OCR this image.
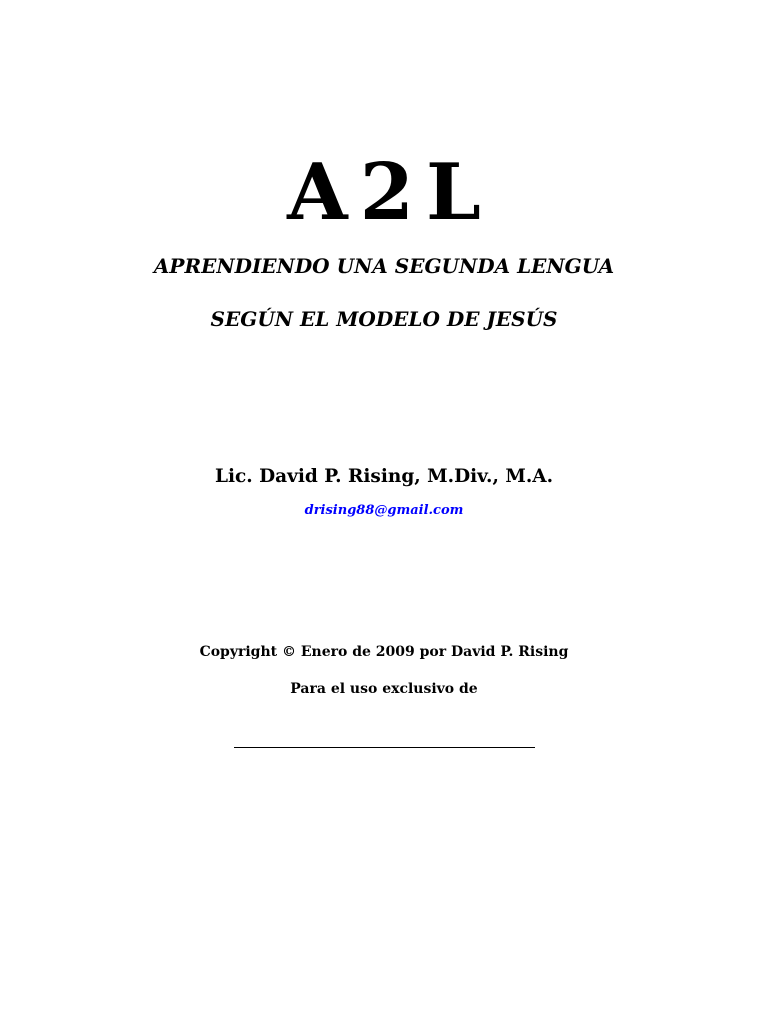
A2L
APRENDIENDO UNA SEGUNDA LENGUA
SEGÚN EL MODELO DE JESÚS
Lic. David P. Rising, M.Div., M.A.
drising88@gmail.com
Copyright © Enero de 2009 por David P. Rising
Para el uso exclusivo de
